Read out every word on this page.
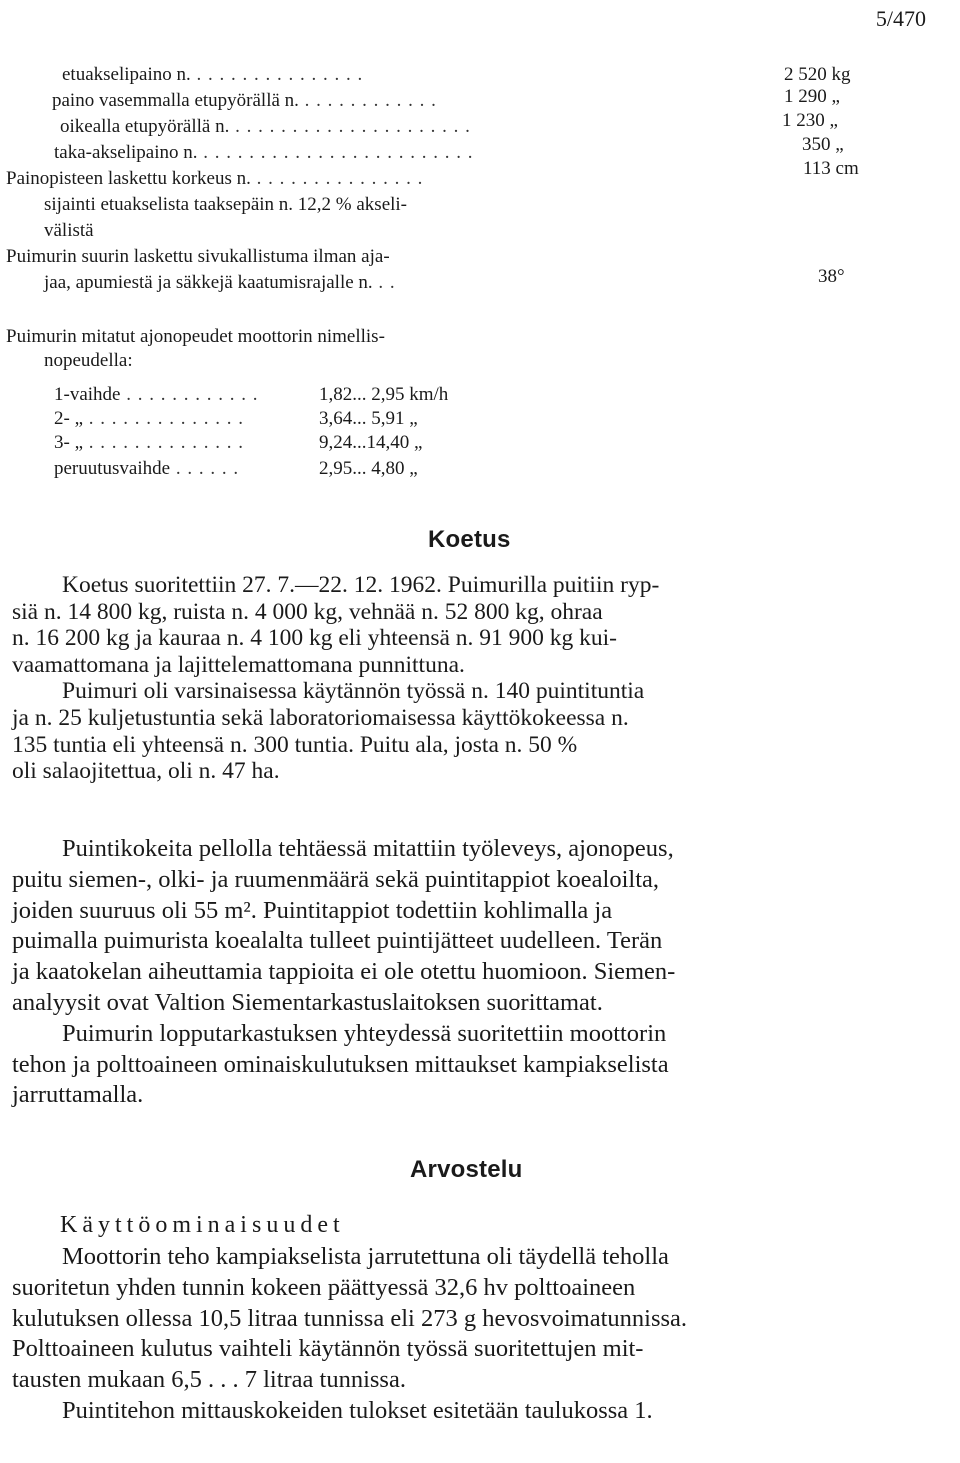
5/470
etuakselipaino n. . . . . . . . . . . . . . . .	2 520 kg
paino vasemmalla etupyörällä n. . . . . . . . . . . . .	1 290 „
oikealla etupyörällä n. . . . . . . . . . . . . . . . . . . . . .	1 230 „
taka-akselipaino n. . . . . . . . . . . . . . . . . . . . . . . . .	350 „
Painopisteen laskettu korkeus n. . . . . . . . . . . . . . . .	113 cm
sijainti etuakselista taaksepäin n. 12,2 % akseli-
välistä
Puimurin suurin laskettu sivukallistuma ilman aja-
jaa, apumiestä ja säkkejä kaatumisrajalle n. . .	38°
Puimurin mitatut ajonopeudet moottorin nimellis-
nopeudella:
1-vaihde . . . . . . . . . . . .	1,82... 2,95 km/h
2- „ . . . . . . . . . . . . . .	3,64... 5,91 „
3- „ . . . . . . . . . . . . . .	9,24...14,40 „
peruutusvaihde . . . . . .	2,95... 4,80 „
Koetus
Koetus suoritettiin 27. 7.—22. 12. 1962. Puimurilla puitiin ryp-
siä n. 14 800 kg, ruista n. 4 000 kg, vehnää n. 52 800 kg, ohraa
n. 16 200 kg ja kauraa n. 4 100 kg eli yhteensä n. 91 900 kg kui-
vaamattomana ja lajittelemattomana punnittuna.
Puimuri oli varsinaisessa käytännön työssä n. 140 puintituntia
ja n. 25 kuljetustuntia sekä laboratoriomaisessa käyttökokeessa n.
135 tuntia eli yhteensä n. 300 tuntia. Puitu ala, josta n. 50 %
oli salaojitettua, oli n. 47 ha.
Puintikokeita pellolla tehtäessä mitattiin työleveys, ajonopeus,
puitu siemen-, olki- ja ruumenmäärä sekä puintitappiot koealoilta,
joiden suuruus oli 55 m². Puintitappiot todettiin kohlimalla ja
puimalla puimurista koealalta tulleet puintijätteet uudelleen. Terän
ja kaatokelan aiheuttamia tappioita ei ole otettu huomioon. Siemen-
analyysit ovat Valtion Siementarkastuslaitoksen suorittamat.
Puimurin lopputarkastuksen yhteydessä suoritettiin moottorin
tehon ja polttoaineen ominaiskulutuksen mittaukset kampiakselista
jarruttamalla.
Arvostelu
Käyttöominaisuudet
Moottorin teho kampiakselista jarrutettuna oli täydellä teholla
suoritetun yhden tunnin kokeen päättyessä 32,6 hv polttoaineen
kulutuksen ollessa 10,5 litraa tunnissa eli 273 g hevosvoimatunnissa.
Polttoaineen kulutus vaihteli käytännön työssä suoritettujen mit-
tausten mukaan 6,5 . . . 7 litraa tunnissa.
Puintitehon mittauskokeiden tulokset esitetään taulukossa 1.
